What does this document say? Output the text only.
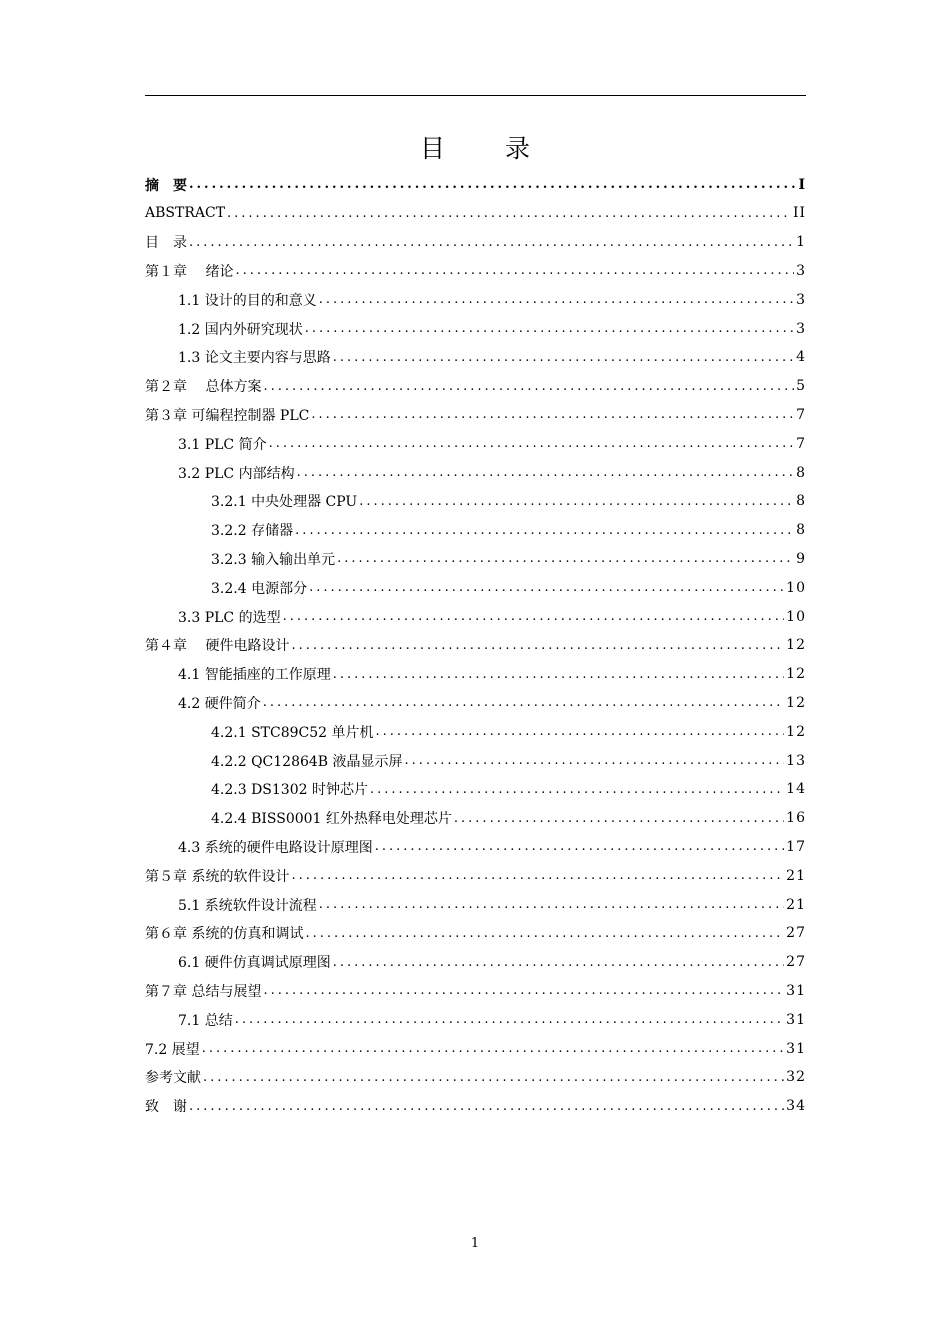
目 录
摘　要 .....	I
ABSTRACT .....	II
目　录 .....	1
第１章　 绪论 .....	3
1.1 设计的目的和意义 .....	3
1.2 国内外研究现状 .....	3
1.3 论文主要内容与思路 .....	4
第２章　 总体方案 .....	5
第３章 可编程控制器 PLC .....	7
3.1 PLC 简介 .....	7
3.2 PLC 内部结构 .....	8
3.2.1 中央处理器 CPU .....	8
3.2.2 存储器 .....	8
3.2.3 输入输出单元 .....	9
3.2.4 电源部分 .....	10
3.3 PLC 的选型 .....	10
第４章　 硬件电路设计 .....	12
4.1 智能插座的工作原理 .....	12
4.2 硬件简介 .....	12
4.2.1 STC89C52 单片机 .....	12
4.2.2 QC12864B 液晶显示屏 .....	13
4.2.3 DS1302 时钟芯片 .....	14
4.2.4 BISS0001 红外热释电处理芯片 .....	16
4.3 系统的硬件电路设计原理图 .....	17
第５章 系统的软件设计 .....	21
5.1 系统软件设计流程 .....	21
第６章 系统的仿真和调试 .....	27
6.1 硬件仿真调试原理图 .....	27
第７章 总结与展望 .....	31
7.1 总结 .....	31
7.2 展望 .....	31
参考文献 .....	32
致　谢 .....	34
1
